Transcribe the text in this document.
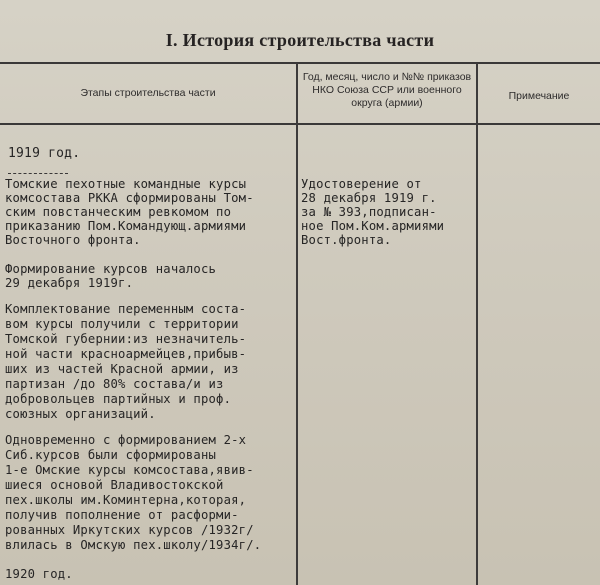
I. История строительства части
Этапы строительства части
Год, месяц, число и №№ приказов НКО Союза ССР или военного округа (армии)
Примечание
1919 год.
Томские пехотные командные курсы
комсостава РККА сформированы Том-
ским повстанческим ревкомом по
приказанию Пом.Командующ.армиями
Восточного фронта.
Формирование курсов началось
29 декабря 1919г.
Комплектование переменным соста-
вом курсы получили с территории
Томской губернии:из незначитель-
ной части красноармейцев,прибыв-
ших из частей Красной армии, из
партизан /до 80% состава/и из
добровольцев партийных и проф.
союзных организаций.
Одновременно с формированием 2-х
Сиб.курсов были сформированы
1-е Омские курсы комсостава,явив-
шиеся основой Владивостокской
пех.школы им.Коминтерна,которая,
получив пополнение от расформи-
рованных Иркутских курсов /1932г/
влилась в Омскую пех.школу/1934г/.
1920 год.
Удостоверение от
28 декабря 1919 г.
за № 393,подписан-
ное Пом.Ком.армиями
Вост.фронта.
